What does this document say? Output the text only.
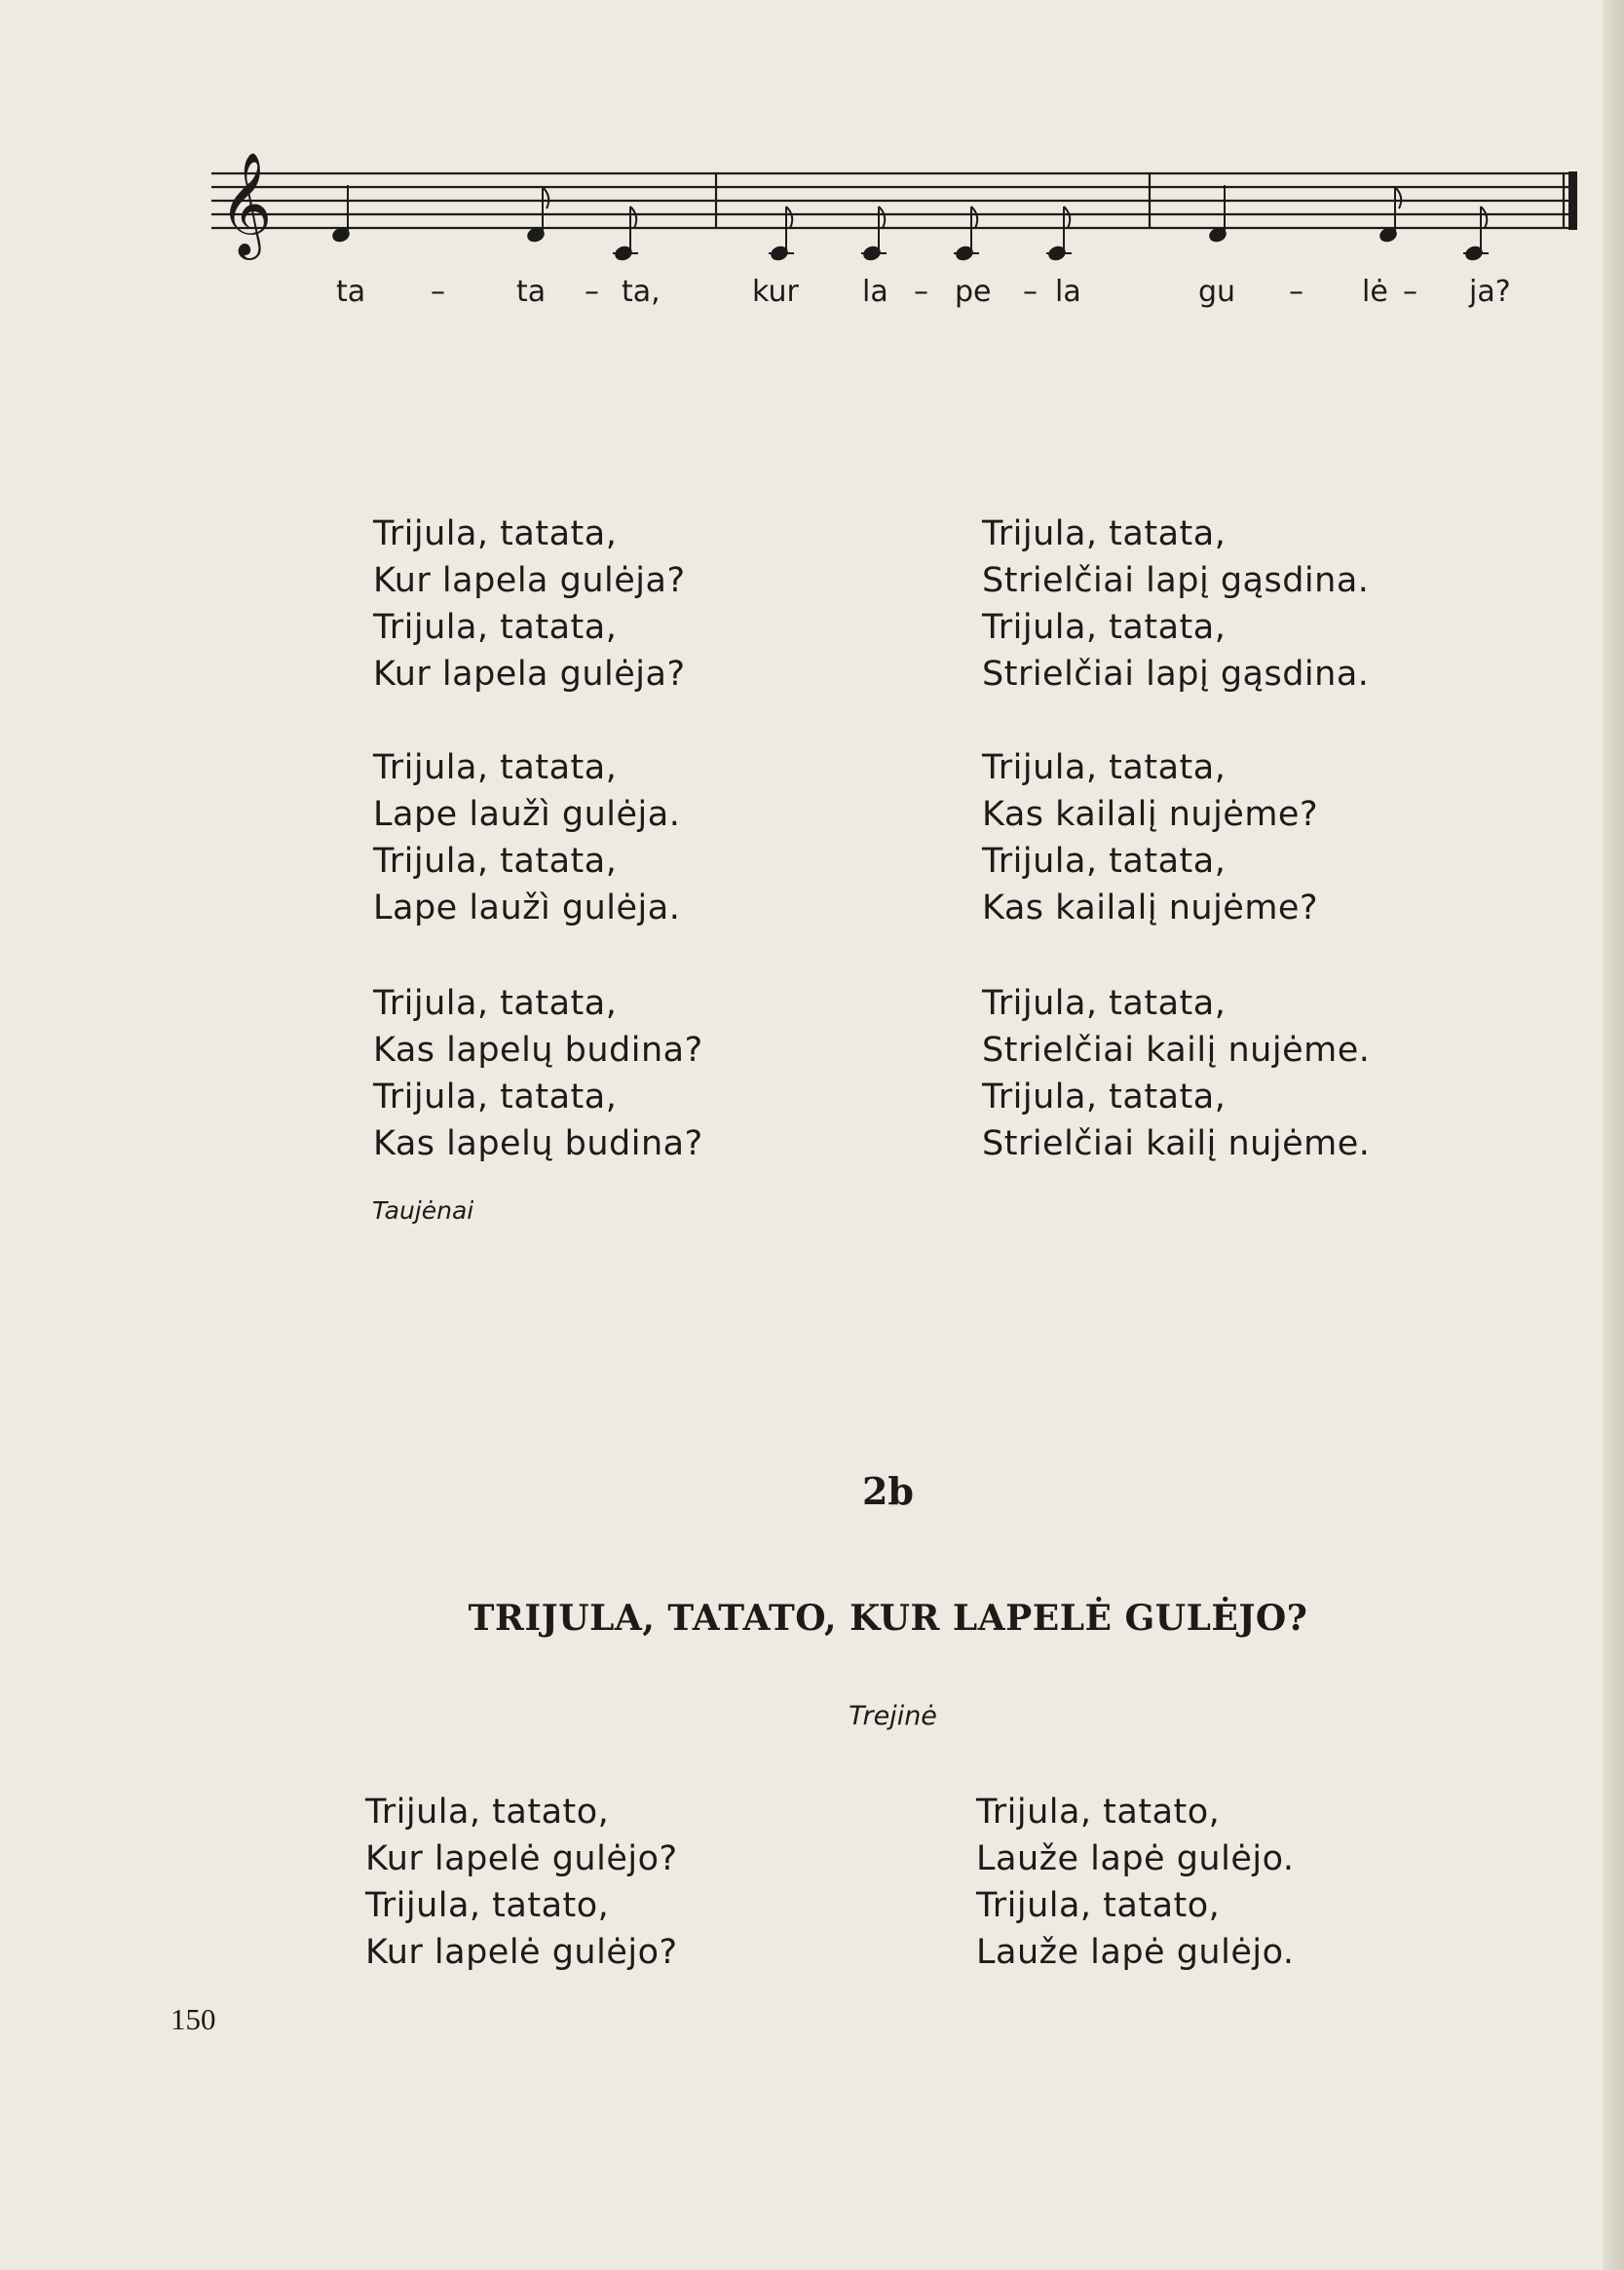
𝄞
ta – ta – ta,	kur la – pe – la	gu – lė – ja?
Trijula, tatata,
Kur lapela gulėja?
Trijula, tatata,
Kur lapela gulėja?
Trijula, tatata,
Lape laužì gulėja.
Trijula, tatata,
Lape laužì gulėja.
Trijula, tatata,
Kas lapelų budina?
Trijula, tatata,
Kas lapelų budina?
Trijula, tatata,
Strielčiai lapį gąsdina.
Trijula, tatata,
Strielčiai lapį gąsdina.
Trijula, tatata,
Kas kailalį nujėme?
Trijula, tatata,
Kas kailalį nujėme?
Trijula, tatata,
Strielčiai kailį nujėme.
Trijula, tatata,
Strielčiai kailį nujėme.
Taujėnai
2b
TRIJULA, TATATO, KUR LAPELĖ GULĖJO?
Trejinė
Trijula, tatato,
Kur lapelė gulėjo?
Trijula, tatato,
Kur lapelė gulėjo?
Trijula, tatato,
Lauže lapė gulėjo.
Trijula, tatato,
Lauže lapė gulėjo.
150
